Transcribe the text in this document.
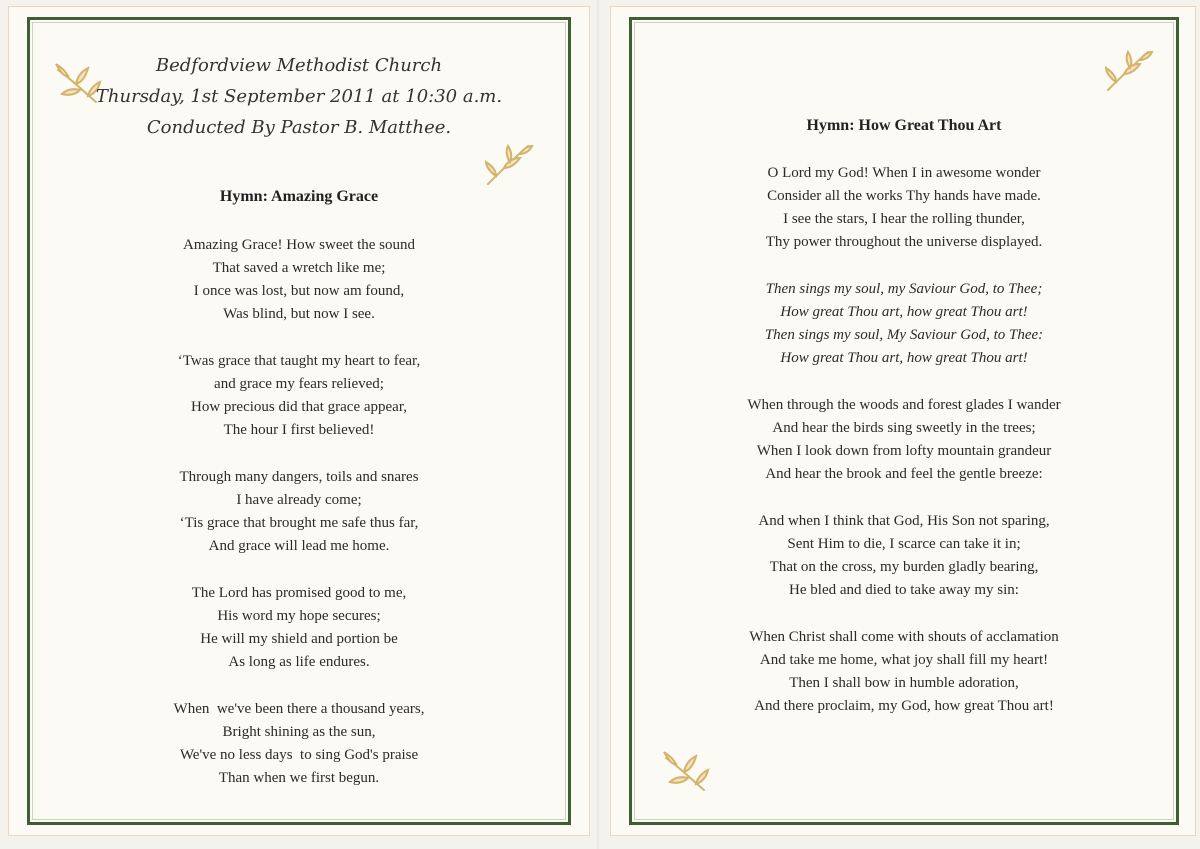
Bedfordview Methodist Church
Thursday, 1st September 2011 at 10:30 a.m.
Conducted By Pastor B. Matthee.
Hymn: Amazing Grace
Amazing Grace! How sweet the sound
That saved a wretch like me;
I once was lost, but now am found,
Was blind, but now I see.
‘Twas grace that taught my heart to fear,
and grace my fears relieved;
How precious did that grace appear,
The hour I first believed!
Through many dangers, toils and snares
I have already come;
‘Tis grace that brought me safe thus far,
And grace will lead me home.
The Lord has promised good to me,
His word my hope secures;
He will my shield and portion be
As long as life endures.
When  we've been there a thousand years,
Bright shining as the sun,
We've no less days  to sing God's praise
Than when we first begun.
Hymn: How Great Thou Art
O Lord my God! When I in awesome wonder
Consider all the works Thy hands have made.
I see the stars, I hear the rolling thunder,
Thy power throughout the universe displayed.
Then sings my soul, my Saviour God, to Thee;
How great Thou art, how great Thou art!
Then sings my soul, My Saviour God, to Thee:
How great Thou art, how great Thou art!
When through the woods and forest glades I wander
And hear the birds sing sweetly in the trees;
When I look down from lofty mountain grandeur
And hear the brook and feel the gentle breeze:
And when I think that God, His Son not sparing,
Sent Him to die, I scarce can take it in;
That on the cross, my burden gladly bearing,
He bled and died to take away my sin:
When Christ shall come with shouts of acclamation
And take me home, what joy shall fill my heart!
Then I shall bow in humble adoration,
And there proclaim, my God, how great Thou art!
